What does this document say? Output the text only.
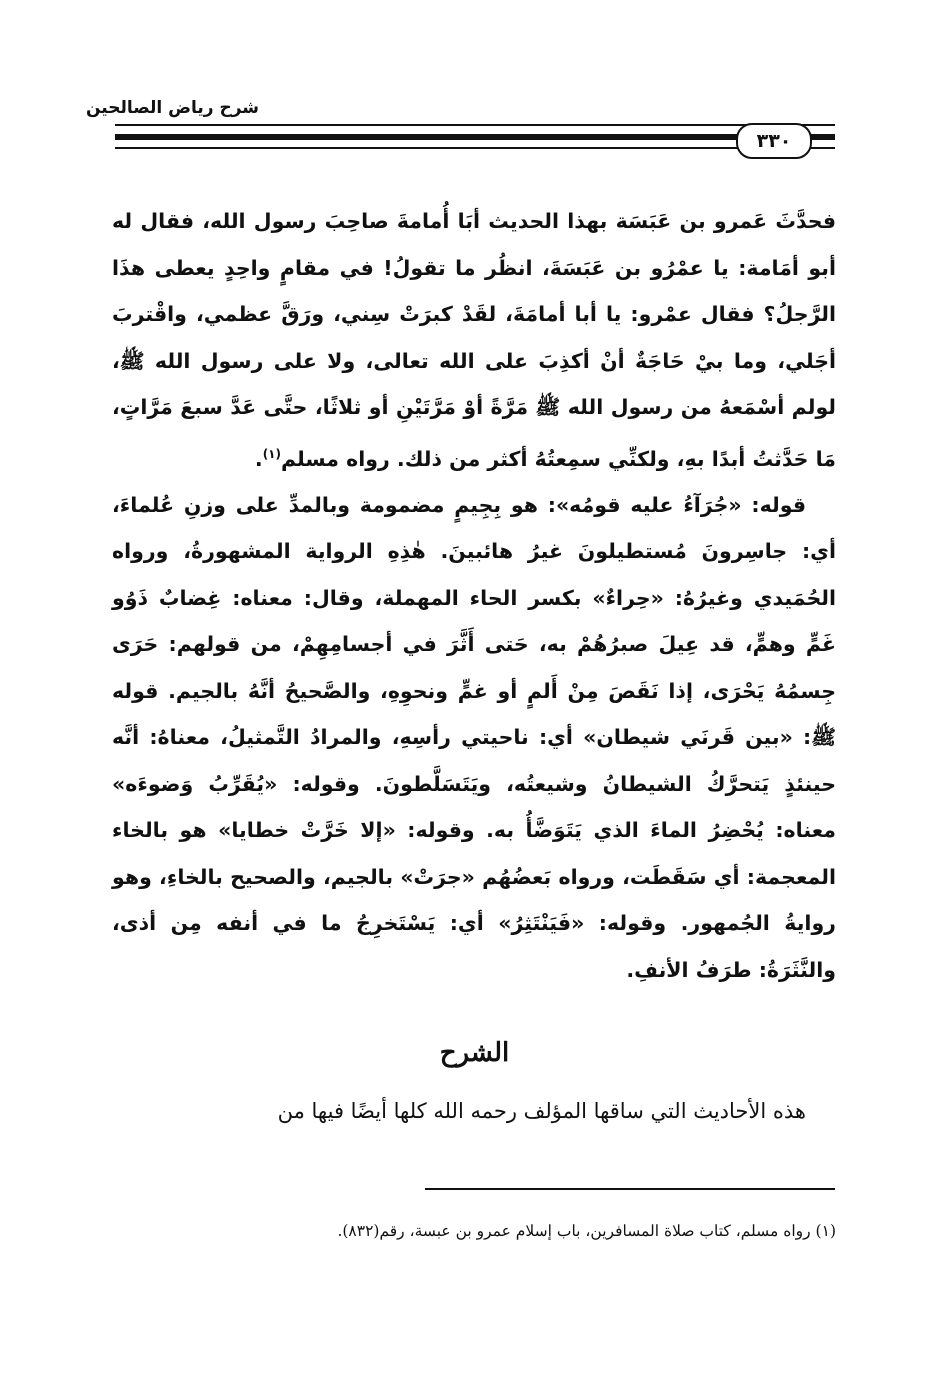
شرح رياض الصالحين
٣٣٠

فحدَّثَ عَمرو بن عَبَسَة بهذا الحديث أبَا أُمامةَ صاحِبَ رسول الله، فقال له أبو أمَامة: يا عمْرُو بن عَبَسَةَ، انظُر ما تقولُ! في مقامٍ واحِدٍ يعطى هذَا الرَّجلُ؟ فقال عمْرو: يا أبا أمامَةَ، لقَدْ كبرَتْ سِني، ورَقَّ عظمي، واقْتربَ أجَلي، وما بيْ حَاجَةٌ أنْ أكذِبَ على الله تعالى، ولا على رسول الله ﷺ، لولم أسْمَعهُ من رسول الله ﷺ مَرَّةً أوْ مَرَّتَيْنِ أو ثلاثًا، حتَّى عَدَّ سبعَ مَرَّاتٍ، مَا حَدَّثتُ أبدًا بهِ، ولكنِّي سمِعتُهُ أكثر من ذلك. رواه مسلم$^{(١)}$.

قوله: «جُرَآءُ عليه قومُه»: هو بِجِيمٍ مضمومة وبالمدِّ على وزنِ عُلماءَ، أي: جاسِرونَ مُستطيلونَ غيرُ هائبينَ. هٰذِهِ الرواية المشهورةُ، ورواه الحُمَيدي وغيرُهُ: «حِراءٌ» بكسر الحاء المهملة، وقال: معناه: غِضابٌ ذَوُو غَمٍّ وهمٍّ، قد عِيلَ صبرُهُمْ به، حَتى أَثَّرَ في أجسامِهِمْ، من قولهم: حَرَى جِسمُهُ يَحْرَى، إذا نَقَصَ مِنْ أَلمٍ أو غمٍّ ونحوِهِ، والصَّحيحُ أنَّهُ بالجيم. قوله ﷺ: «بين قَرنَي شيطان» أي: ناحيتي رأسِهِ، والمرادُ التَّمثيلُ، معناهُ: أنَّه حينئذٍ يَتحرَّكُ الشيطانُ وشيعتُه، ويَتَسَلَّطونَ. وقوله: «يُقَرِّبُ وَضوءَه» معناه: يُحْضِرُ الماءَ الذي يَتَوَضَّأُ به. وقوله: «إلا خَرَّتْ خطايا» هو بالخاء المعجمة: أي سَقَطَت، ورواه بَعضُهُم «جرَتْ» بالجيم، والصحيح بالخاءِ، وهو روايةُ الجُمهور. وقوله: «فَيَنْتَثِرُ» أي: يَسْتَخرِجُ ما في أنفه مِن أذى، والنَّثَرَةُ: طرَفُ الأنفِ.

الشرح
هذه الأحاديث التي ساقها المؤلف رحمه الله كلها أيضًا فيها من
(١) رواه مسلم، كتاب صلاة المسافرين، باب إسلام عمرو بن عبسة، رقم(٨٣٢).
